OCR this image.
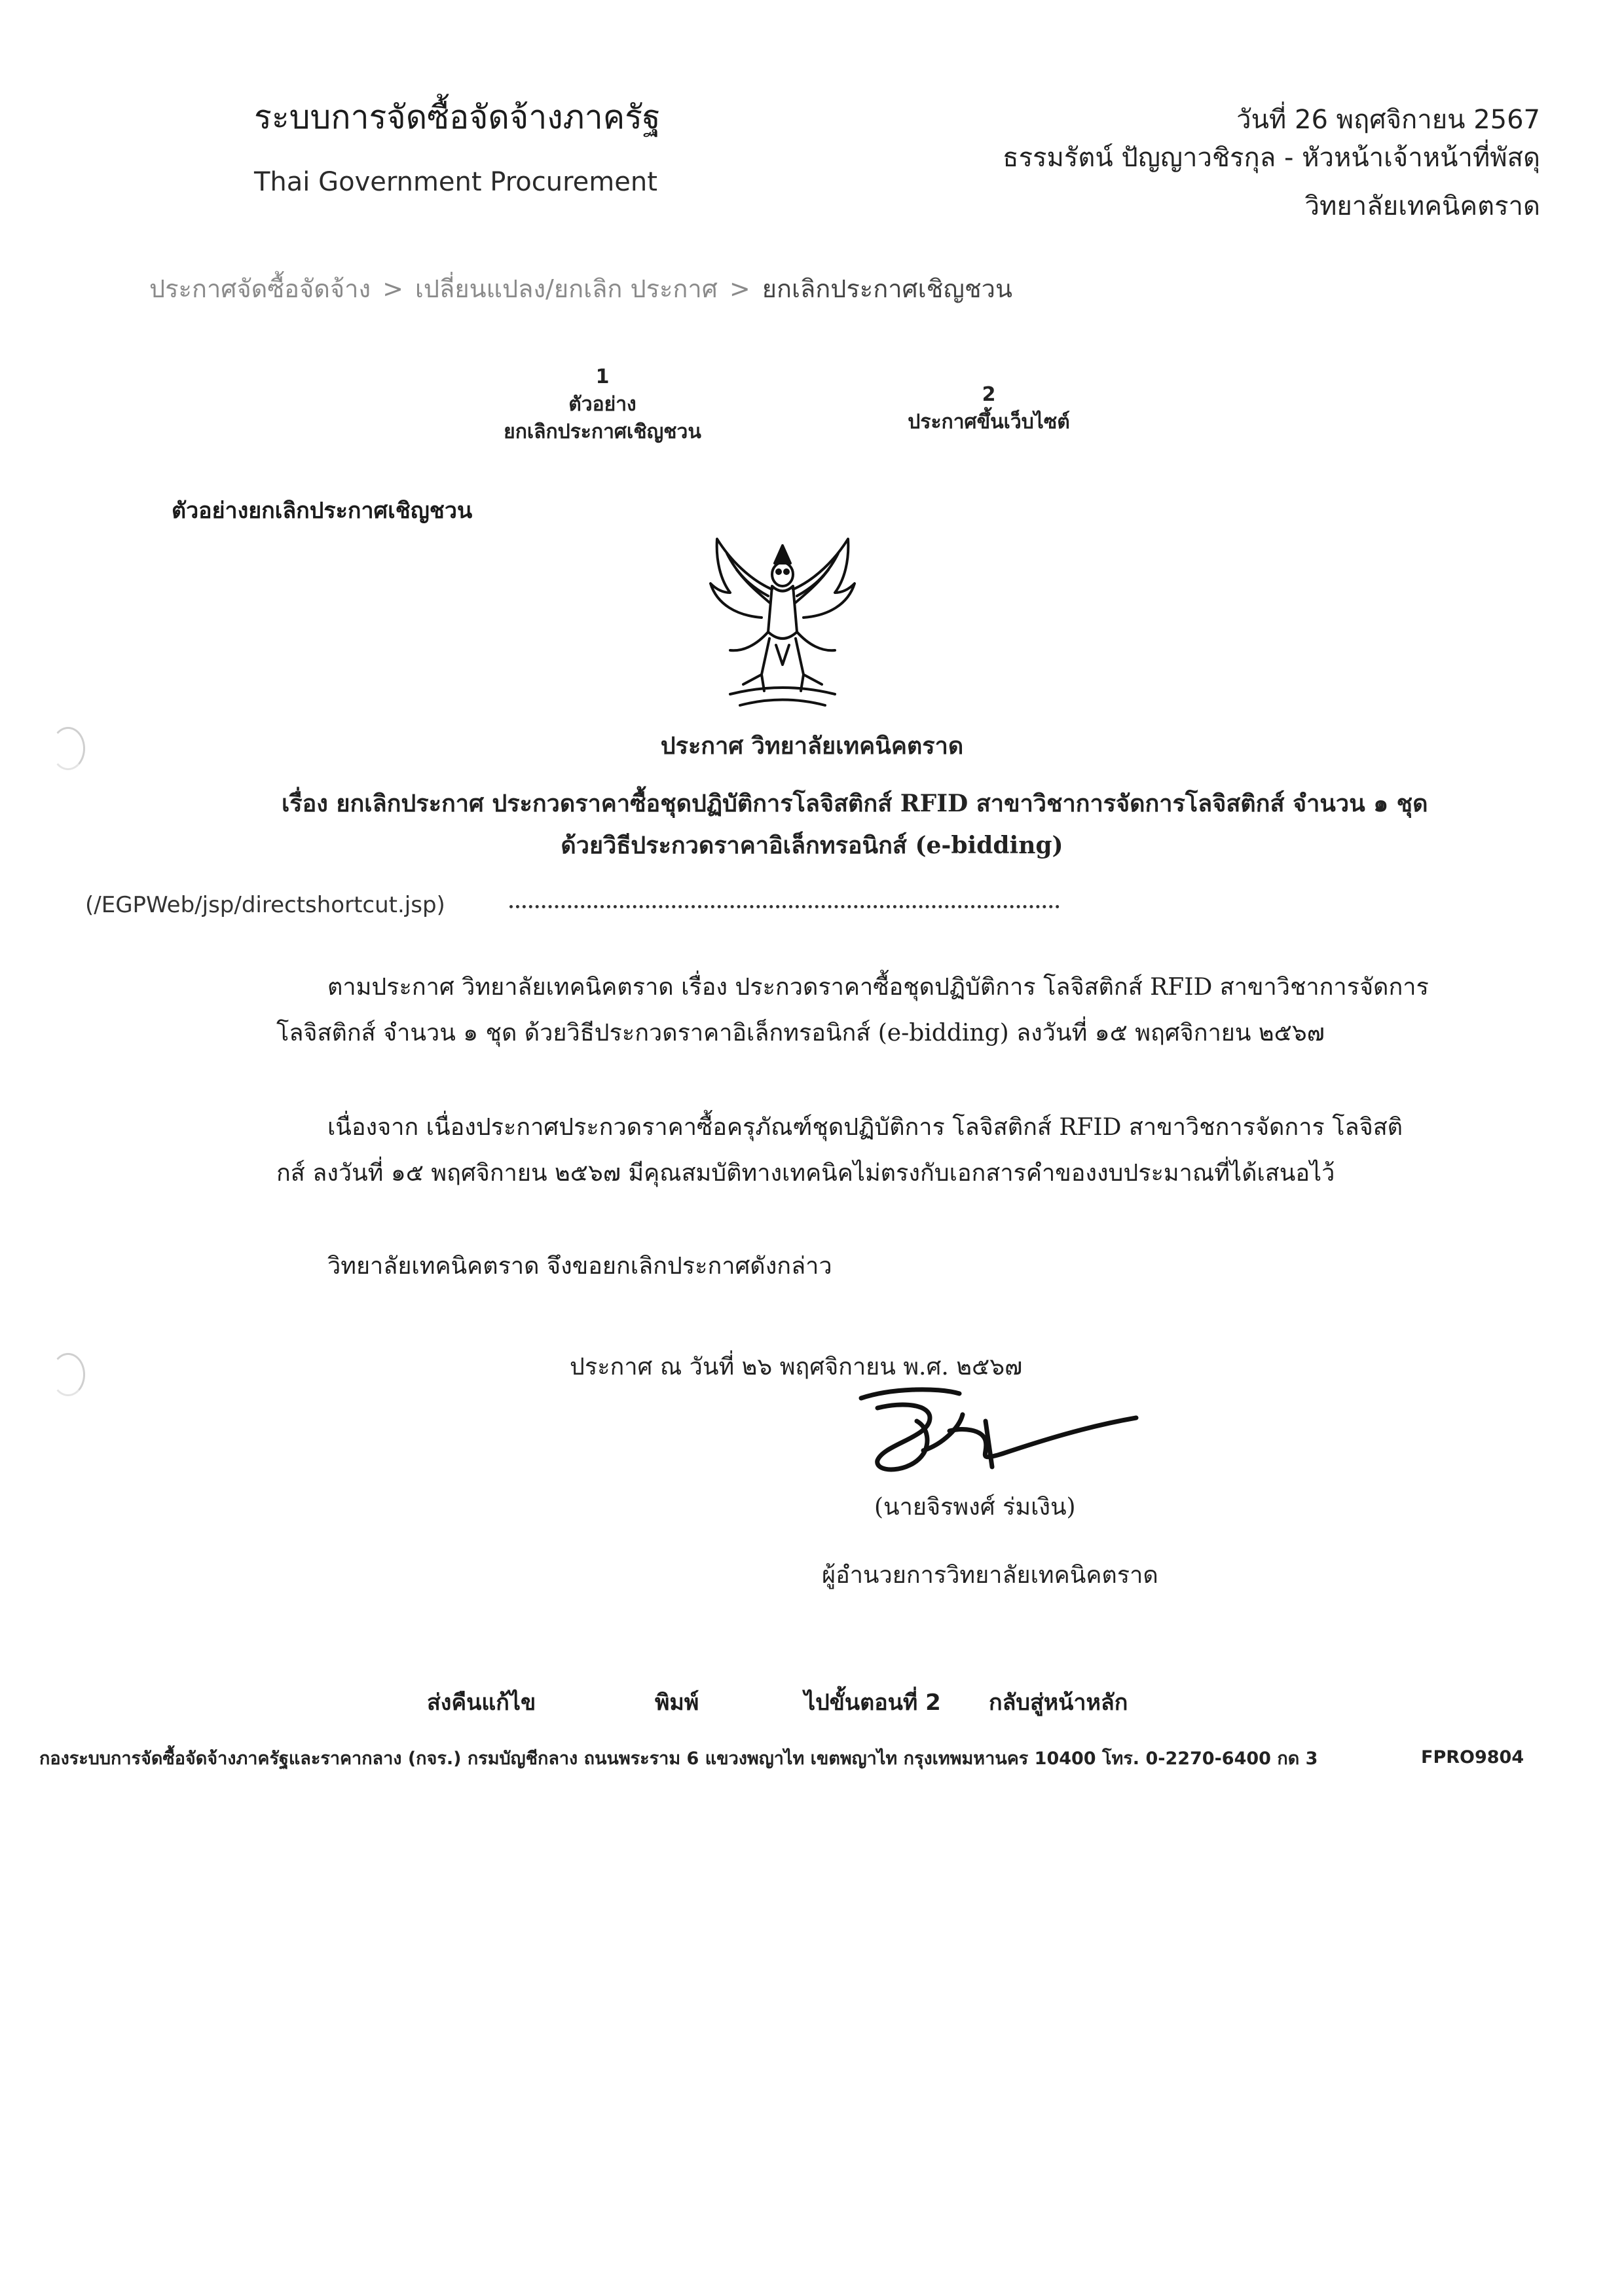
ระบบการจัดซื้อจัดจ้างภาครัฐ
Thai Government Procurement
วันที่ 26 พฤศจิกายน 2567
ธรรมรัตน์ ปัญญาวชิรกุล - หัวหน้าเจ้าหน้าที่พัสดุ
วิทยาลัยเทคนิคตราด
ประกาศจัดซื้อจัดจ้าง > เปลี่ยนแปลง/ยกเลิก ประกาศ > ยกเลิกประกาศเชิญชวน
1
ตัวอย่าง
ยกเลิกประกาศเชิญชวน
2
ประกาศขึ้นเว็บไซต์
ตัวอย่างยกเลิกประกาศเชิญชวน
ประกาศ วิทยาลัยเทคนิคตราด
เรื่อง ยกเลิกประกาศ ประกวดราคาซื้อชุดปฏิบัติการโลจิสติกส์ RFID สาขาวิชาการจัดการโลจิสติกส์ จำนวน ๑ ชุด
ด้วยวิธีประกวดราคาอิเล็กทรอนิกส์ (e-bidding)
(/EGPWeb/jsp/directshortcut.jsp)
ตามประกาศ วิทยาลัยเทคนิคตราด เรื่อง ประกวดราคาซื้อชุดปฏิบัติการ โลจิสติกส์ RFID สาขาวิชาการจัดการ
โลจิสติกส์ จำนวน ๑ ชุด ด้วยวิธีประกวดราคาอิเล็กทรอนิกส์ (e-bidding) ลงวันที่ ๑๕ พฤศจิกายน ๒๕๖๗
เนื่องจาก เนื่องประกาศประกวดราคาซื้อครุภัณฑ์ชุดปฏิบัติการ โลจิสติกส์ RFID สาขาวิชการจัดการ โลจิสติ
กส์ ลงวันที่ ๑๕ พฤศจิกายน ๒๕๖๗ มีคุณสมบัติทางเทคนิคไม่ตรงกับเอกสารคำของงบประมาณที่ได้เสนอไว้
วิทยาลัยเทคนิคตราด จึงขอยกเลิกประกาศดังกล่าว
ประกาศ ณ วันที่ ๒๖ พฤศจิกายน พ.ศ. ๒๕๖๗
(นายจิรพงศ์ ร่มเงิน)
ผู้อำนวยการวิทยาลัยเทคนิคตราด
ส่งคืนแก้ไข	พิมพ์	ไปขั้นตอนที่ 2 กลับสู่หน้าหลัก
กองระบบการจัดซื้อจัดจ้างภาครัฐและราคากลาง (กจร.) กรมบัญชีกลาง ถนนพระราม 6 แขวงพญาไท เขตพญาไท กรุงเทพมหานคร 10400 โทร. 0-2270-6400 กด 3	FPRO9804
